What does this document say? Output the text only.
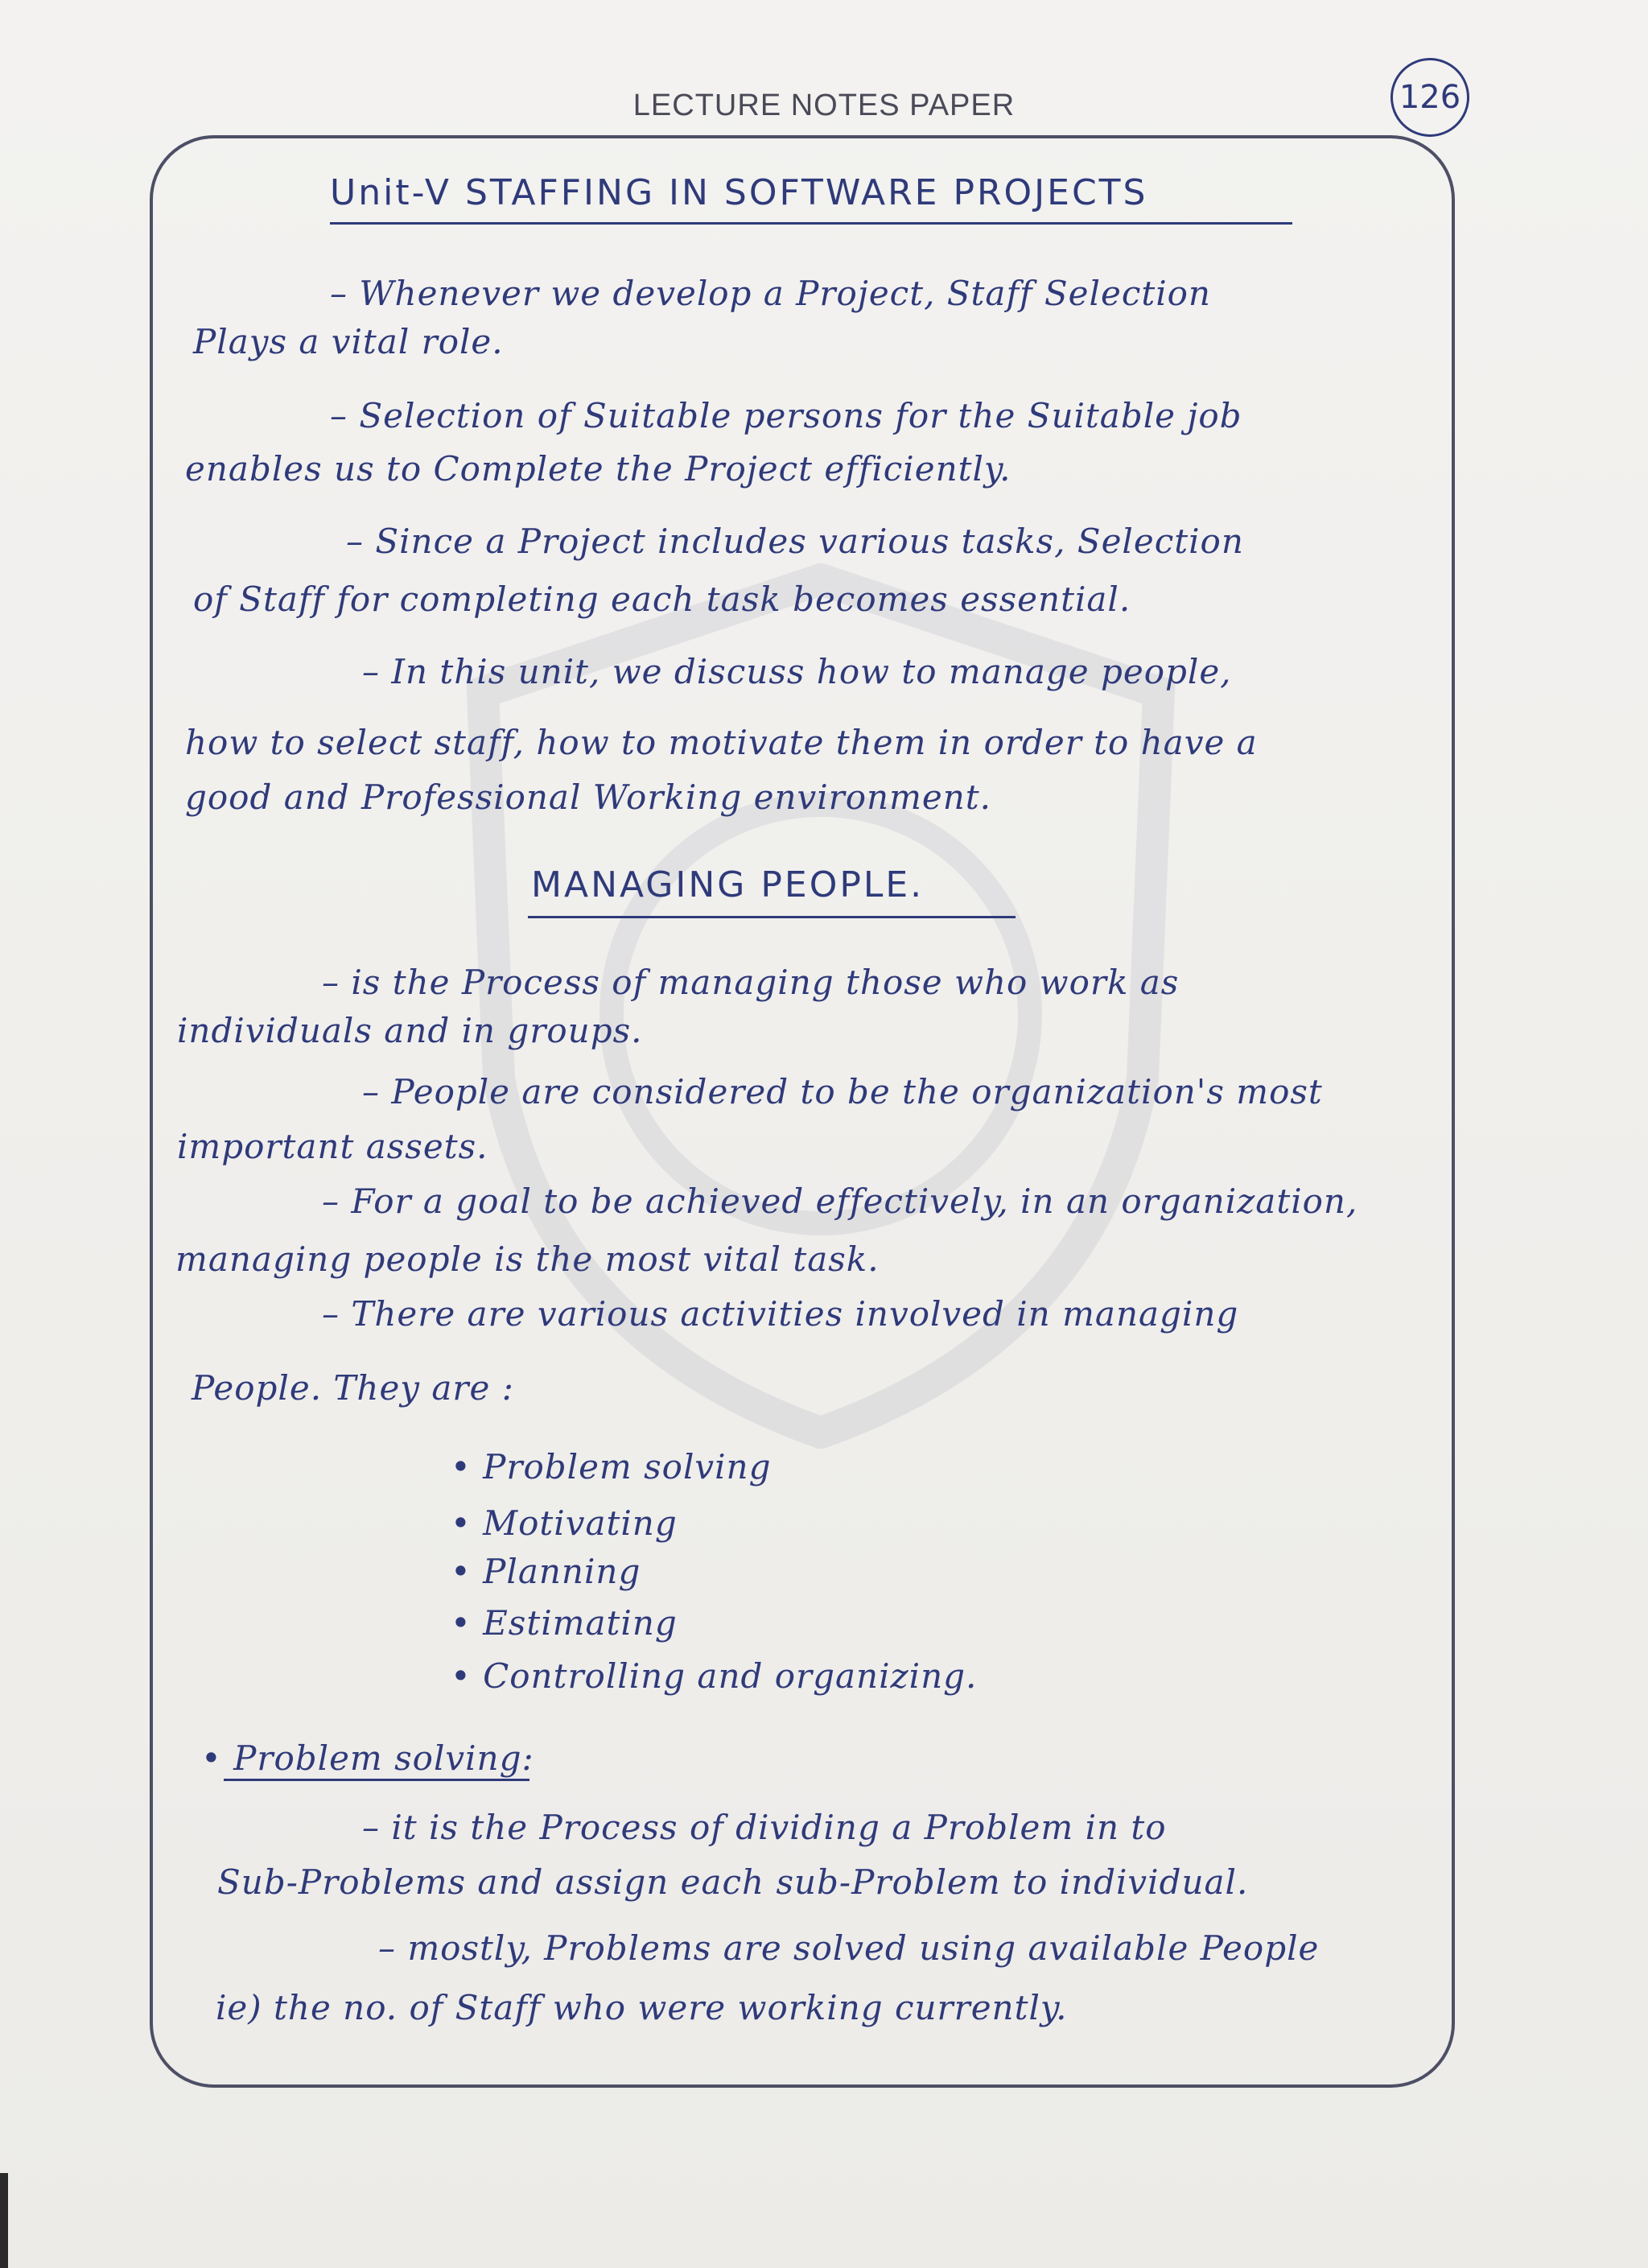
LECTURE NOTES PAPER	126
Unit-V STAFFING IN SOFTWARE PROJECTS
– Whenever we develop a Project, Staff Selection
Plays a vital role.
– Selection of Suitable persons for the Suitable job
enables us to Complete the Project efficiently.
– Since a Project includes various tasks, Selection
of Staff for completing each task becomes essential.
– In this unit, we discuss how to manage people,
how to select staff, how to motivate them in order to have a
good and Professional Working environment.
MANAGING PEOPLE.
– is the Process of managing those who work as
individuals and in groups.
– People are considered to be the organization's most
important assets.
– For a goal to be achieved effectively, in an organization,
managing people is the most vital task.
– There are various activities involved in managing
People. They are :
• Problem solving
• Motivating
• Planning
• Estimating
• Controlling and organizing.
• Problem solving:
– it is the Process of dividing a Problem in to
Sub-Problems and assign each sub-Problem to individual.
– mostly, Problems are solved using available People
ie) the no. of Staff who were working currently.
